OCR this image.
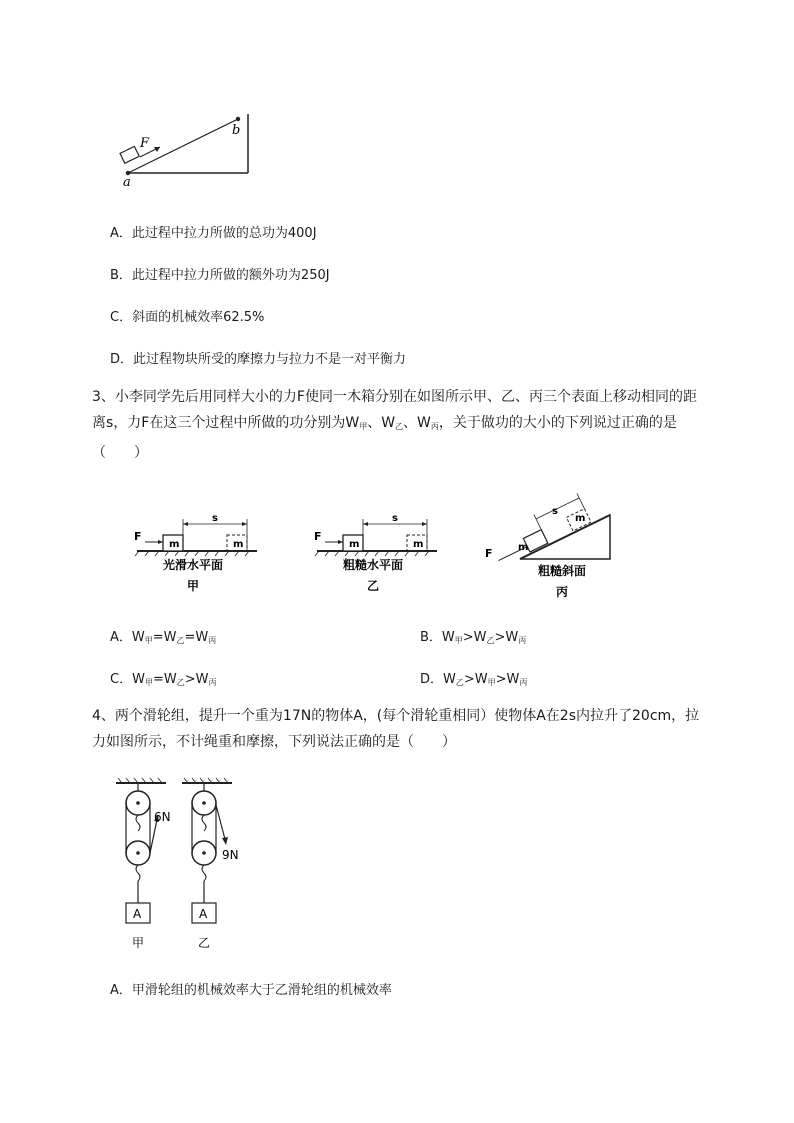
F
a
b
A．此过程中拉力所做的总功为400J
B．此过程中拉力所做的额外功为250J
C．斜面的机械效率62.5%
D．此过程物块所受的摩擦力与拉力不是一对平衡力

3、小李同学先后用同样大小的力F使同一木箱分别在如图所示甲、乙、丙三个表面上移动相同的距

离s，力F在这三个过程中所做的功分别为$W_甲$、$W_乙$、$W_丙$，关于做功的大小的下列说过正确的是

（　　）

m
F
s
m
光滑水平面
甲
m
F
s
m
粗糙水平面
乙
m
m
s
F
粗糙斜面
丙
A．$W_甲=W_乙=W_丙$	B．$W_甲>W_乙>W_丙$
C．$W_甲=W_乙>W_丙$	D．$W_乙>W_甲>W_丙$

4、两个滑轮组，提升一个重为17N的物体A，(每个滑轮重相同）使物体A在2s内拉升了20cm，拉

力如图所示，不计绳重和摩擦，下列说法正确的是（　　）

6N
A
甲
9N
A
乙
A．甲滑轮组的机械效率大于乙滑轮组的机械效率
